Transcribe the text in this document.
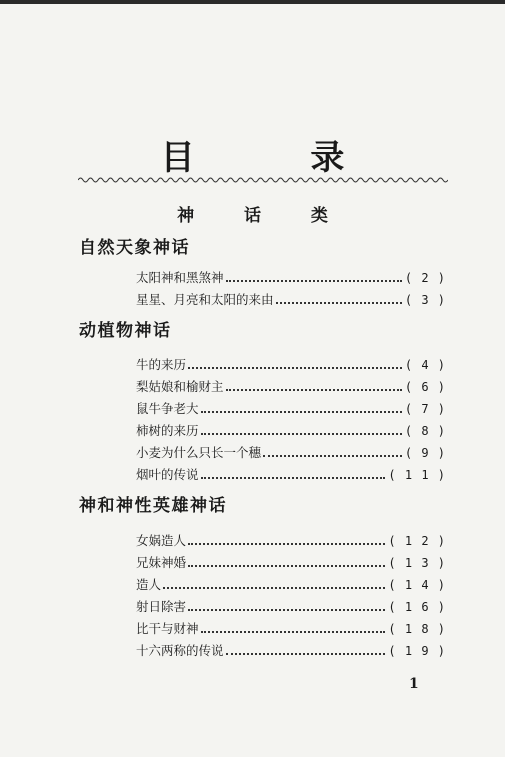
目 录
神 话 类
自然天象神话
太阳神和黑煞神	( 2 )
星星、月亮和太阳的来由	( 3 )
动植物神话
牛的来历	( 4 )
梨姑娘和榆财主	( 6 )
鼠牛争老大	( 7 )
柿树的来历	( 8 )
小麦为什么只长一个穗	( 9 )
烟叶的传说	( 1 1 )
神和神性英雄神话
女娲造人	( 1 2 )
兄妹神婚	( 1 3 )
造人	( 1 4 )
射日除害	( 1 6 )
比干与财神	( 1 8 )
十六两称的传说	( 1 9 )
1
